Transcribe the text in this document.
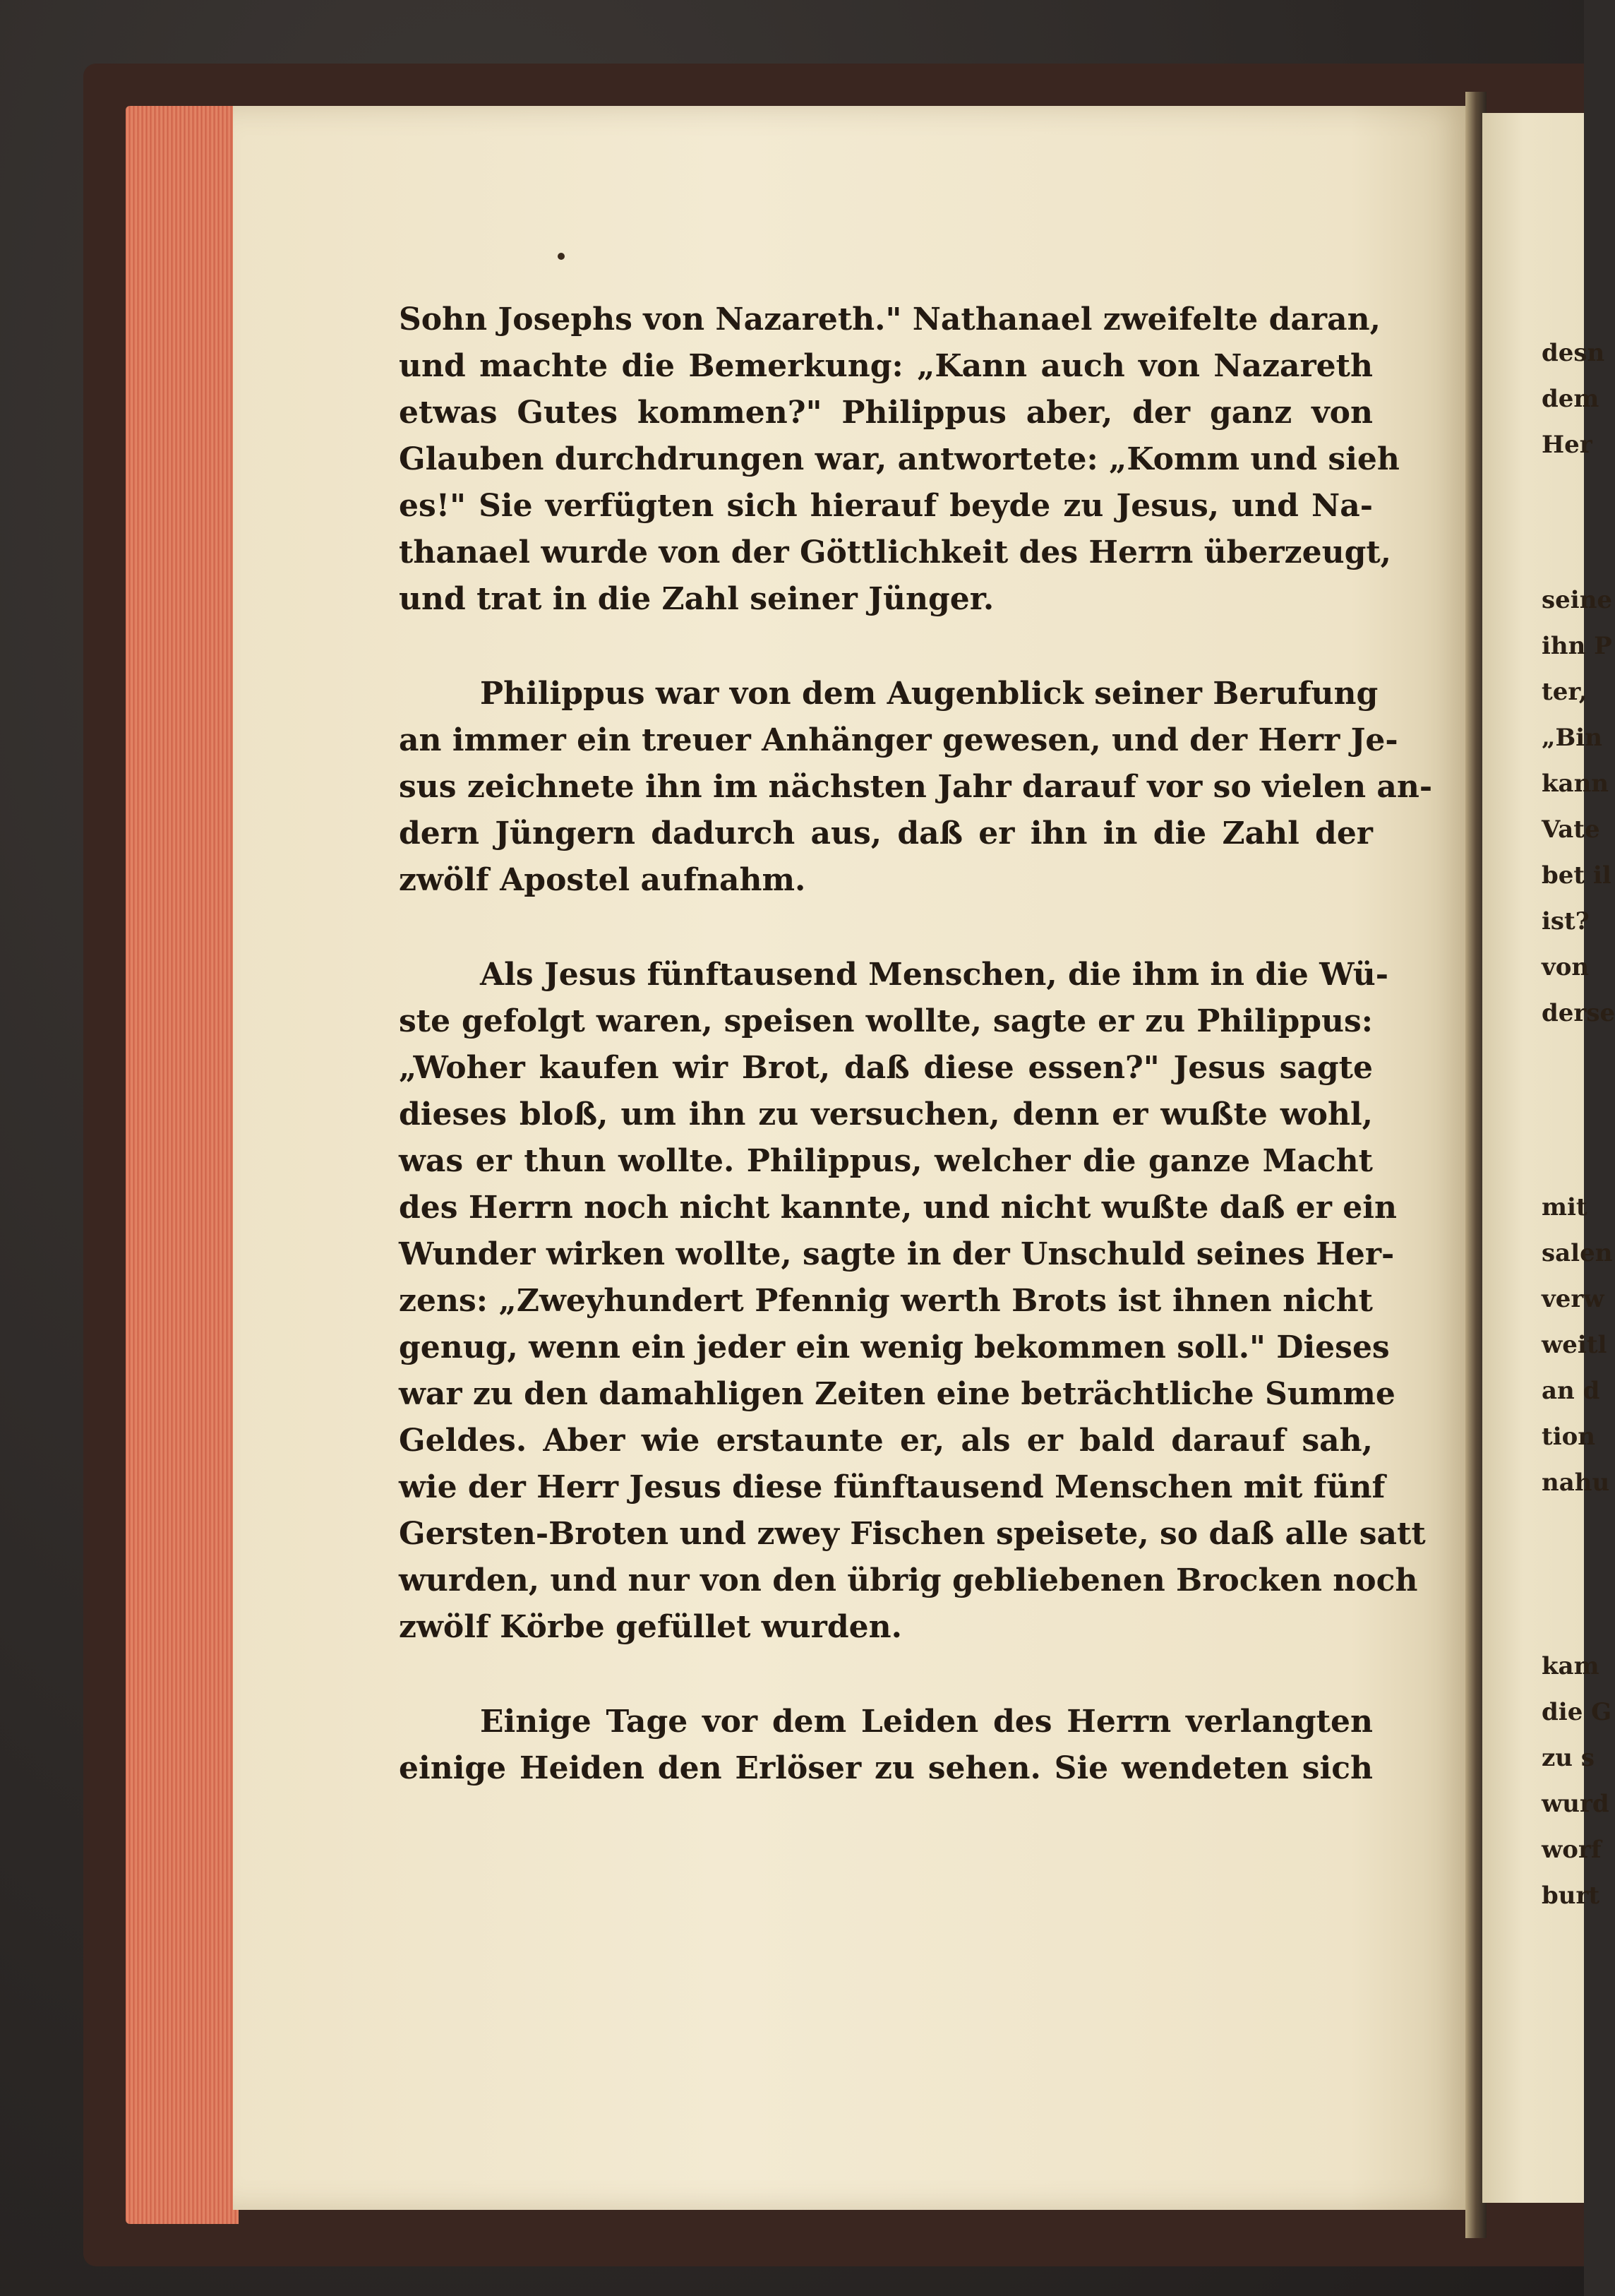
Sohn Josephs von Nazareth." Nathanael zweifelte daran,
und machte die Bemerkung: „Kann auch von Nazareth
etwas Gutes kommen?" Philippus aber, der ganz von
Glauben durchdrungen war, antwortete: „Komm und sieh
es!" Sie verfügten sich hierauf beyde zu Jesus, und Na-
thanael wurde von der Göttlichkeit des Herrn überzeugt,
und trat in die Zahl seiner Jünger.
Philippus war von dem Augenblick seiner Berufung
an immer ein treuer Anhänger gewesen, und der Herr Je-
sus zeichnete ihn im nächsten Jahr darauf vor so vielen an-
dern Jüngern dadurch aus, daß er ihn in die Zahl der
zwölf Apostel aufnahm.
Als Jesus fünftausend Menschen, die ihm in die Wü-
ste gefolgt waren, speisen wollte, sagte er zu Philippus:
„Woher kaufen wir Brot, daß diese essen?" Jesus sagte
dieses bloß, um ihn zu versuchen, denn er wußte wohl,
was er thun wollte. Philippus, welcher die ganze Macht
des Herrn noch nicht kannte, und nicht wußte daß er ein
Wunder wirken wollte, sagte in der Unschuld seines Her-
zens: „Zweyhundert Pfennig werth Brots ist ihnen nicht
genug, wenn ein jeder ein wenig bekommen soll." Dieses
war zu den damahligen Zeiten eine beträchtliche Summe
Geldes. Aber wie erstaunte er, als er bald darauf sah,
wie der Herr Jesus diese fünftausend Menschen mit fünf
Gersten-Broten und zwey Fischen speisete, so daß alle satt
wurden, und nur von den übrig gebliebenen Brocken noch
zwölf Körbe gefüllet wurden.
Einige Tage vor dem Leiden des Herrn verlangten
einige Heiden den Erlöser zu sehen. Sie wendeten sich
desn
dem
Her
seine
ihn P
ter,
„Bin
kann
Vate
bet il
ist?
von
derse
mit
salen
verw
weitl
an d
tion
nahu
kam
die G
zu s
wurd
worf
burt
